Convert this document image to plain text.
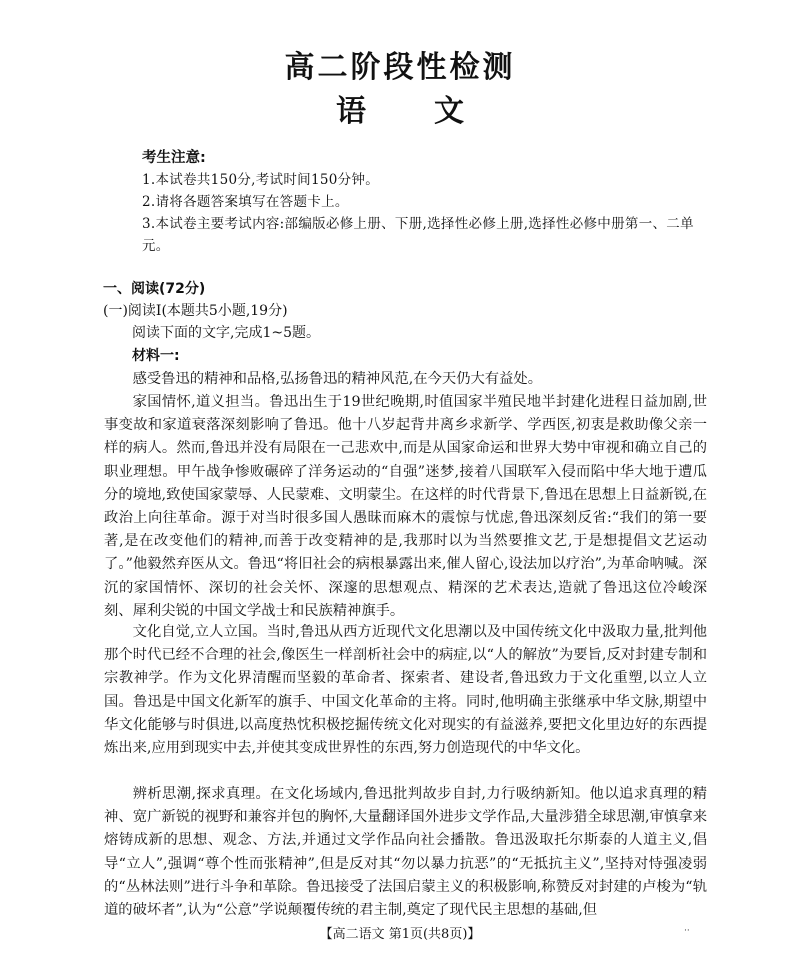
高二阶段性检测
语文
考生注意:
1.本试卷共150分,考试时间150分钟。
2.请将各题答案填写在答题卡上。
3.本试卷主要考试内容:部编版必修上册、下册,选择性必修上册,选择性必修中册第一、二单元。
一、阅读(72分)
(一)阅读Ⅰ(本题共5小题,19分)
阅读下面的文字,完成1~5题。
材料一:

感受鲁迅的精神和品格,弘扬鲁迅的精神风范,在今天仍大有益处。

家国情怀,道义担当。鲁迅出生于19世纪晚期,时值国家半殖民地半封建化进程日益加剧,世事变故和家道衰落深刻影响了鲁迅。他十八岁起背井离乡求新学、学西医,初衷是救助像父亲一样的病人。然而,鲁迅并没有局限在一己悲欢中,而是从国家命运和世界大势中审视和确立自己的职业理想。甲午战争惨败碾碎了洋务运动的“自强”迷梦,接着八国联军入侵而陷中华大地于遭瓜分的境地,致使国家蒙辱、人民蒙难、文明蒙尘。在这样的时代背景下,鲁迅在思想上日益新锐,在政治上向往革命。源于对当时很多国人愚昧而麻木的震惊与忧虑,鲁迅深刻反省:“我们的第一要著,是在改变他们的精神,而善于改变精神的是,我那时以为当然要推文艺,于是想提倡文艺运动了。”他毅然弃医从文。鲁迅“将旧社会的病根暴露出来,催人留心,设法加以疗治”,为革命呐喊。深沉的家国情怀、深切的社会关怀、深邃的思想观点、精深的艺术表达,造就了鲁迅这位冷峻深刻、犀利尖锐的中国文学战士和民族精神旗手。

文化自觉,立人立国。当时,鲁迅从西方近现代文化思潮以及中国传统文化中汲取力量,批判他那个时代已经不合理的社会,像医生一样剖析社会中的病症,以“人的解放”为要旨,反对封建专制和宗教神学。作为文化界清醒而坚毅的革命者、探索者、建设者,鲁迅致力于文化重塑,以立人立国。鲁迅是中国文化新军的旗手、中国文化革命的主将。同时,他明确主张继承中华文脉,期望中华文化能够与时俱进,以高度热忱积极挖掘传统文化对现实的有益滋养,要把文化里边好的东西提炼出来,应用到现实中去,并使其变成世界性的东西,努力创造现代的中华文化。

辨析思潮,探求真理。在文化场域内,鲁迅批判故步自封,力行吸纳新知。他以追求真理的精神、宽广新锐的视野和兼容并包的胸怀,大量翻译国外进步文学作品,大量涉猎全球思潮,审慎拿来熔铸成新的思想、观念、方法,并通过文学作品向社会播散。鲁迅汲取托尔斯泰的人道主义,倡导“立人”,强调“尊个性而张精神”,但是反对其“勿以暴力抗恶”的“无抵抗主义”,坚持对恃强凌弱的“丛林法则”进行斗争和革除。鲁迅接受了法国启蒙主义的积极影响,称赞反对封建的卢梭为“轨道的破坏者”,认为“公意”学说颠覆传统的君主制,奠定了现代民主思想的基础,但

【高二语文 第1页(共8页)】	··
